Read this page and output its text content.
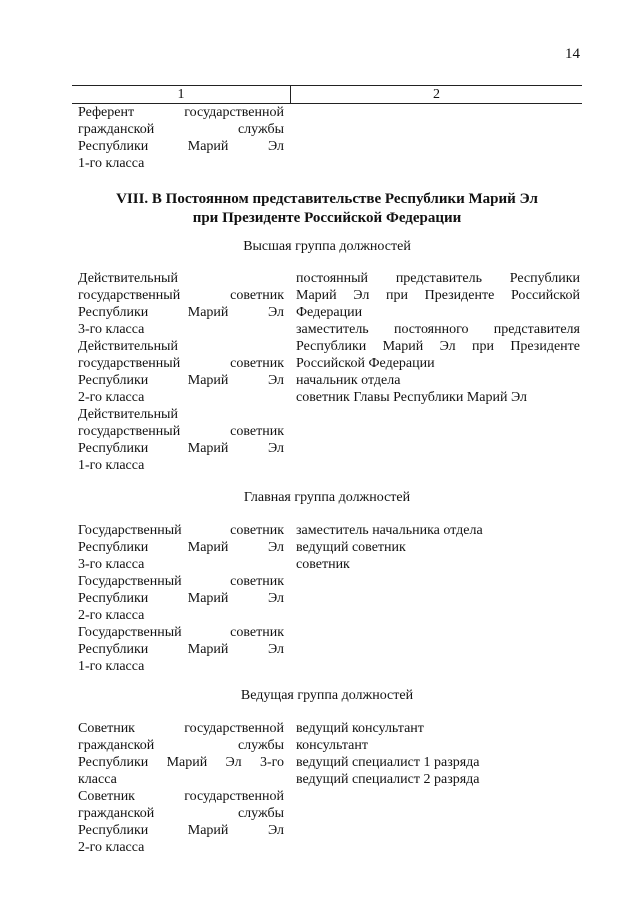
14
1	2
Референт государственной
гражданской службы
Республики Марий Эл
1-го класса
VIII. В Постоянном представительстве Республики Марий Эл
при Президенте Российской Федерации
Высшая группа должностей
Действительный
государственный советник
Республики Марий Эл
3-го класса
Действительный
государственный советник
Республики Марий Эл
2-го класса
Действительный
государственный советник
Республики Марий Эл
1-го класса
постоянный представитель Республики
Марий Эл при Президенте Российской
Федерации
заместитель постоянного представителя
Республики Марий Эл при Президенте
Российской Федерации
начальник отдела
советник Главы Республики Марий Эл
Главная группа должностей
Государственный советник
Республики Марий Эл
3-го класса
Государственный советник
Республики Марий Эл
2-го класса
Государственный советник
Республики Марий Эл
1-го класса
заместитель начальника отдела
ведущий советник
советник
Ведущая группа должностей
Советник государственной
гражданской службы
Республики Марий Эл 3-го
класса
Советник государственной
гражданской службы
Республики Марий Эл
2-го класса
ведущий консультант
консультант
ведущий специалист 1 разряда
ведущий специалист 2 разряда
